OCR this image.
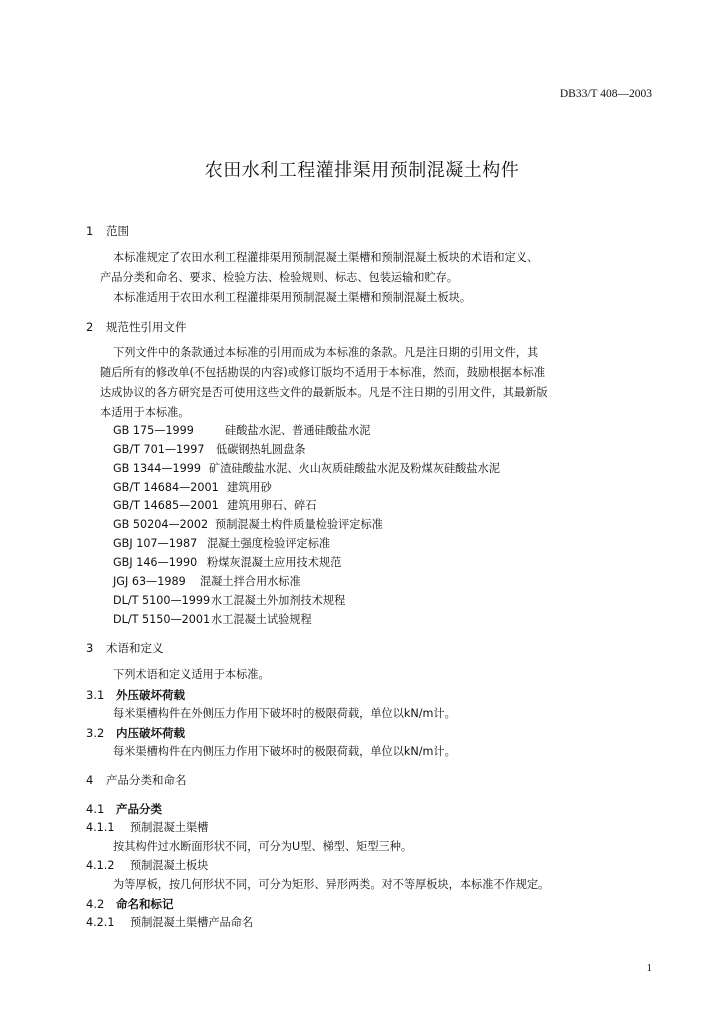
DB33/T 408—2003
农田水利工程灌排渠用预制混凝土构件
1 范围
本标准规定了农田水利工程灌排渠用预制混凝土渠槽和预制混凝土板块的术语和定义、
产品分类和命名、要求、检验方法、检验规则、标志、包装运输和贮存。
本标准适用于农田水利工程灌排渠用预制混凝土渠槽和预制混凝土板块。
2 规范性引用文件
下列文件中的条款通过本标准的引用而成为本标准的条款。凡是注日期的引用文件，其
随后所有的修改单(不包括勘误的内容)或修订版均不适用于本标准，然而，鼓励根据本标准
达成协议的各方研究是否可使用这些文件的最新版本。凡是不注日期的引用文件，其最新版
本适用于本标准。
GB 175—1999	硅酸盐水泥、普通硅酸盐水泥
GB/T 701—1997 低碳钢热轧圆盘条
GB 1344—1999 矿渣硅酸盐水泥、火山灰质硅酸盐水泥及粉煤灰硅酸盐水泥
GB/T 14684—2001 建筑用砂
GB/T 14685—2001 建筑用卵石、碎石
GB 50204—2002 预制混凝土构件质量检验评定标准
GBJ 107—1987 混凝土强度检验评定标准
GBJ 146—1990 粉煤灰混凝土应用技术规范
JGJ 63—1989 混凝土拌合用水标准
DL/T 5100—1999水工混凝土外加剂技术规程
DL/T 5150—2001水工混凝土试验规程
3 术语和定义
下列术语和定义适用于本标准。
3.1 外压破坏荷载
每米渠槽构件在外侧压力作用下破坏时的极限荷载，单位以kN/m计。
3.2 内压破坏荷载
每米渠槽构件在内侧压力作用下破坏时的极限荷载，单位以kN/m计。
4 产品分类和命名
4.1 产品分类
4.1.1 预制混凝土渠槽
按其构件过水断面形状不同，可分为U型、梯型、矩型三种。
4.1.2 预制混凝土板块
为等厚板，按几何形状不同，可分为矩形、异形两类。对不等厚板块，本标准不作规定。
4.2 命名和标记
4.2.1 预制混凝土渠槽产品命名
1
